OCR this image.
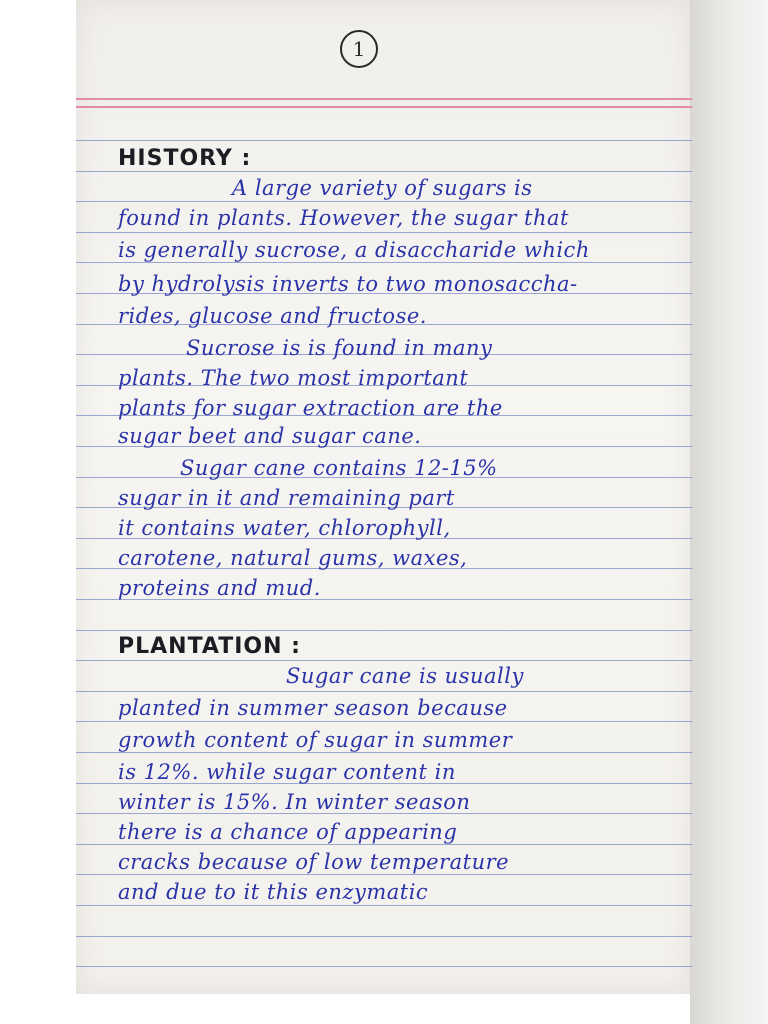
1
HISTORY :
A large variety of sugars is
found in plants. However, the sugar that
is generally sucrose, a disaccharide which
by hydrolysis inverts to two monosaccha-
rides, glucose and fructose.
Sucrose is is found in many
plants. The two most important
plants for sugar extraction are the
sugar beet and sugar cane.
Sugar cane contains 12-15%
sugar in it and remaining part
it contains water, chlorophyll,
carotene, natural gums, waxes,
proteins and mud.
PLANTATION :
Sugar cane is usually
planted in summer season because
growth content of sugar in summer
is 12%. while sugar content in
winter is 15%. In winter season
there is a chance of appearing
cracks because of low temperature
and due to it this enzymatic
